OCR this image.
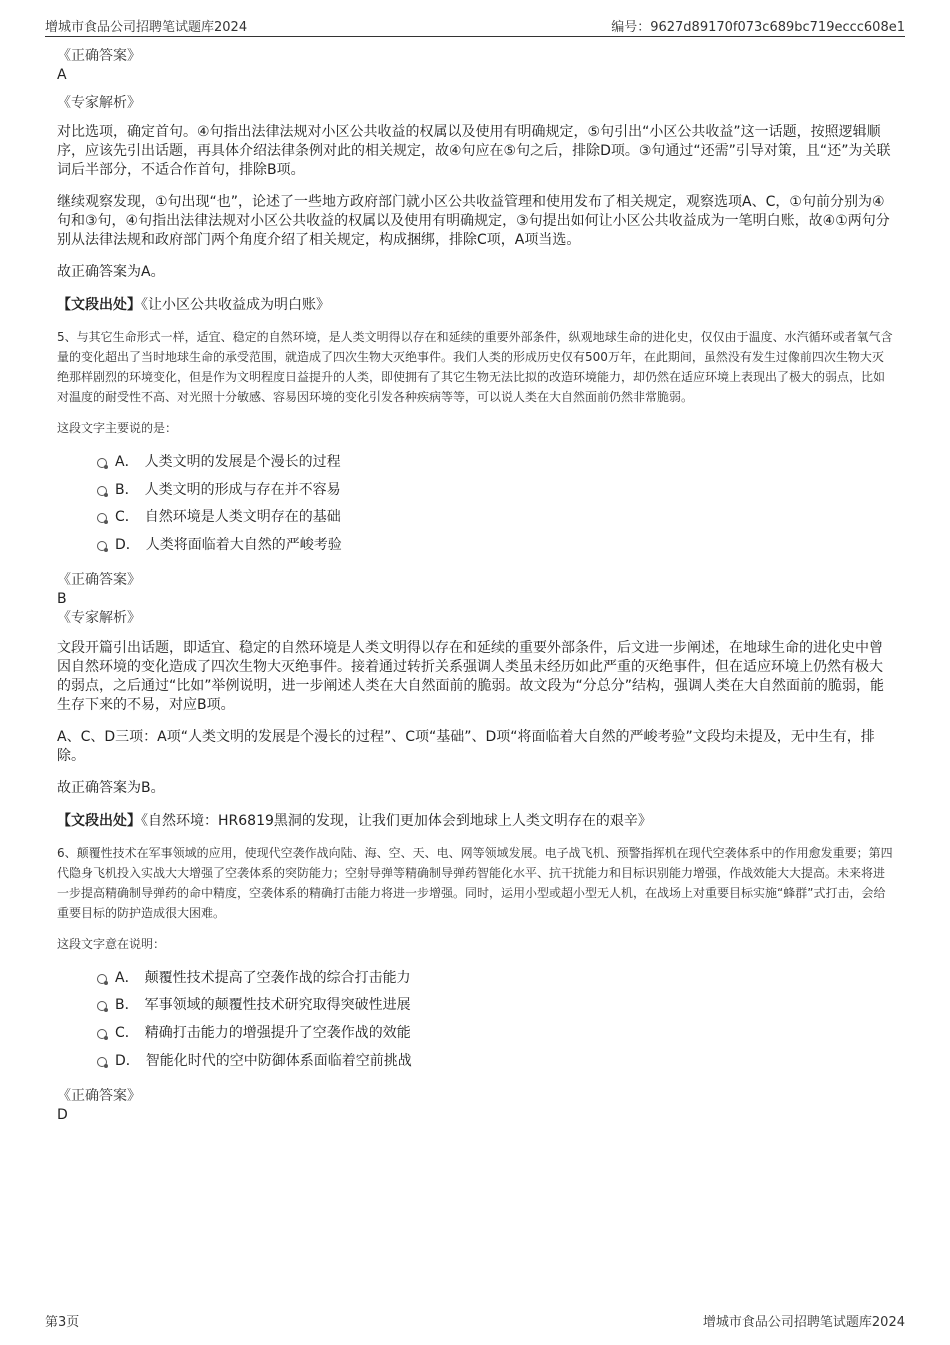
增城市食品公司招聘笔试题库2024	编号：9627d89170f073c689bc719eccc608e1

《正确答案》

A

《专家解析》

对比选项，确定首句。④句指出法律法规对小区公共收益的权属以及使用有明确规定，⑤句引出“小区公共收益”这一话题，按照逻辑顺序，应该先引出话题，再具体介绍法律条例对此的相关规定，故④句应在⑤句之后，排除D项。③句通过“还需”引导对策，且“还”为关联词后半部分，不适合作首句，排除B项。

继续观察发现，①句出现“也”，论述了一些地方政府部门就小区公共收益管理和使用发布了相关规定，观察选项A、C，①句前分别为④句和③句，④句指出法律法规对小区公共收益的权属以及使用有明确规定，③句提出如何让小区公共收益成为一笔明白账，故④①两句分别从法律法规和政府部门两个角度介绍了相关规定，构成捆绑，排除C项，A项当选。

故正确答案为A。

【文段出处】《让小区公共收益成为明白账》

5、与其它生命形式一样，适宜、稳定的自然环境，是人类文明得以存在和延续的重要外部条件，纵观地球生命的进化史，仅仅由于温度、水汽循环或者氧气含量的变化超出了当时地球生命的承受范围，就造成了四次生物大灭绝事件。我们人类的形成历史仅有500万年，在此期间，虽然没有发生过像前四次生物大灭绝那样剧烈的环境变化，但是作为文明程度日益提升的人类，即使拥有了其它生物无法比拟的改造环境能力，却仍然在适应环境上表现出了极大的弱点，比如对温度的耐受性不高、对光照十分敏感、容易因环境的变化引发各种疾病等等，可以说人类在大自然面前仍然非常脆弱。

这段文字主要说的是：

A． 人类文明的发展是个漫长的过程
B． 人类文明的形成与存在并不容易
C． 自然环境是人类文明存在的基础
D． 人类将面临着大自然的严峻考验

《正确答案》

B

《专家解析》

文段开篇引出话题，即适宜、稳定的自然环境是人类文明得以存在和延续的重要外部条件，后文进一步阐述，在地球生命的进化史中曾因自然环境的变化造成了四次生物大灭绝事件。接着通过转折关系强调人类虽未经历如此严重的灭绝事件，但在适应环境上仍然有极大的弱点，之后通过“比如”举例说明，进一步阐述人类在大自然面前的脆弱。故文段为“分总分”结构，强调人类在大自然面前的脆弱，能生存下来的不易，对应B项。

A、C、D三项：A项“人类文明的发展是个漫长的过程”、C项“基础”、D项“将面临着大自然的严峻考验”文段均未提及，无中生有，排除。

故正确答案为B。

【文段出处】《自然环境：HR6819黑洞的发现，让我们更加体会到地球上人类文明存在的艰辛》

6、颠覆性技术在军事领域的应用，使现代空袭作战向陆、海、空、天、电、网等领域发展。电子战飞机、预警指挥机在现代空袭体系中的作用愈发重要；第四代隐身飞机投入实战大大增强了空袭体系的突防能力；空射导弹等精确制导弹药智能化水平、抗干扰能力和目标识别能力增强，作战效能大大提高。未来将进一步提高精确制导弹药的命中精度，空袭体系的精确打击能力将进一步增强。同时，运用小型或超小型无人机，在战场上对重要目标实施“蜂群”式打击，会给重要目标的防护造成很大困难。

这段文字意在说明：

A． 颠覆性技术提高了空袭作战的综合打击能力
B． 军事领域的颠覆性技术研究取得突破性进展
C． 精确打击能力的增强提升了空袭作战的效能
D． 智能化时代的空中防御体系面临着空前挑战

《正确答案》

D

第3页	增城市食品公司招聘笔试题库2024
